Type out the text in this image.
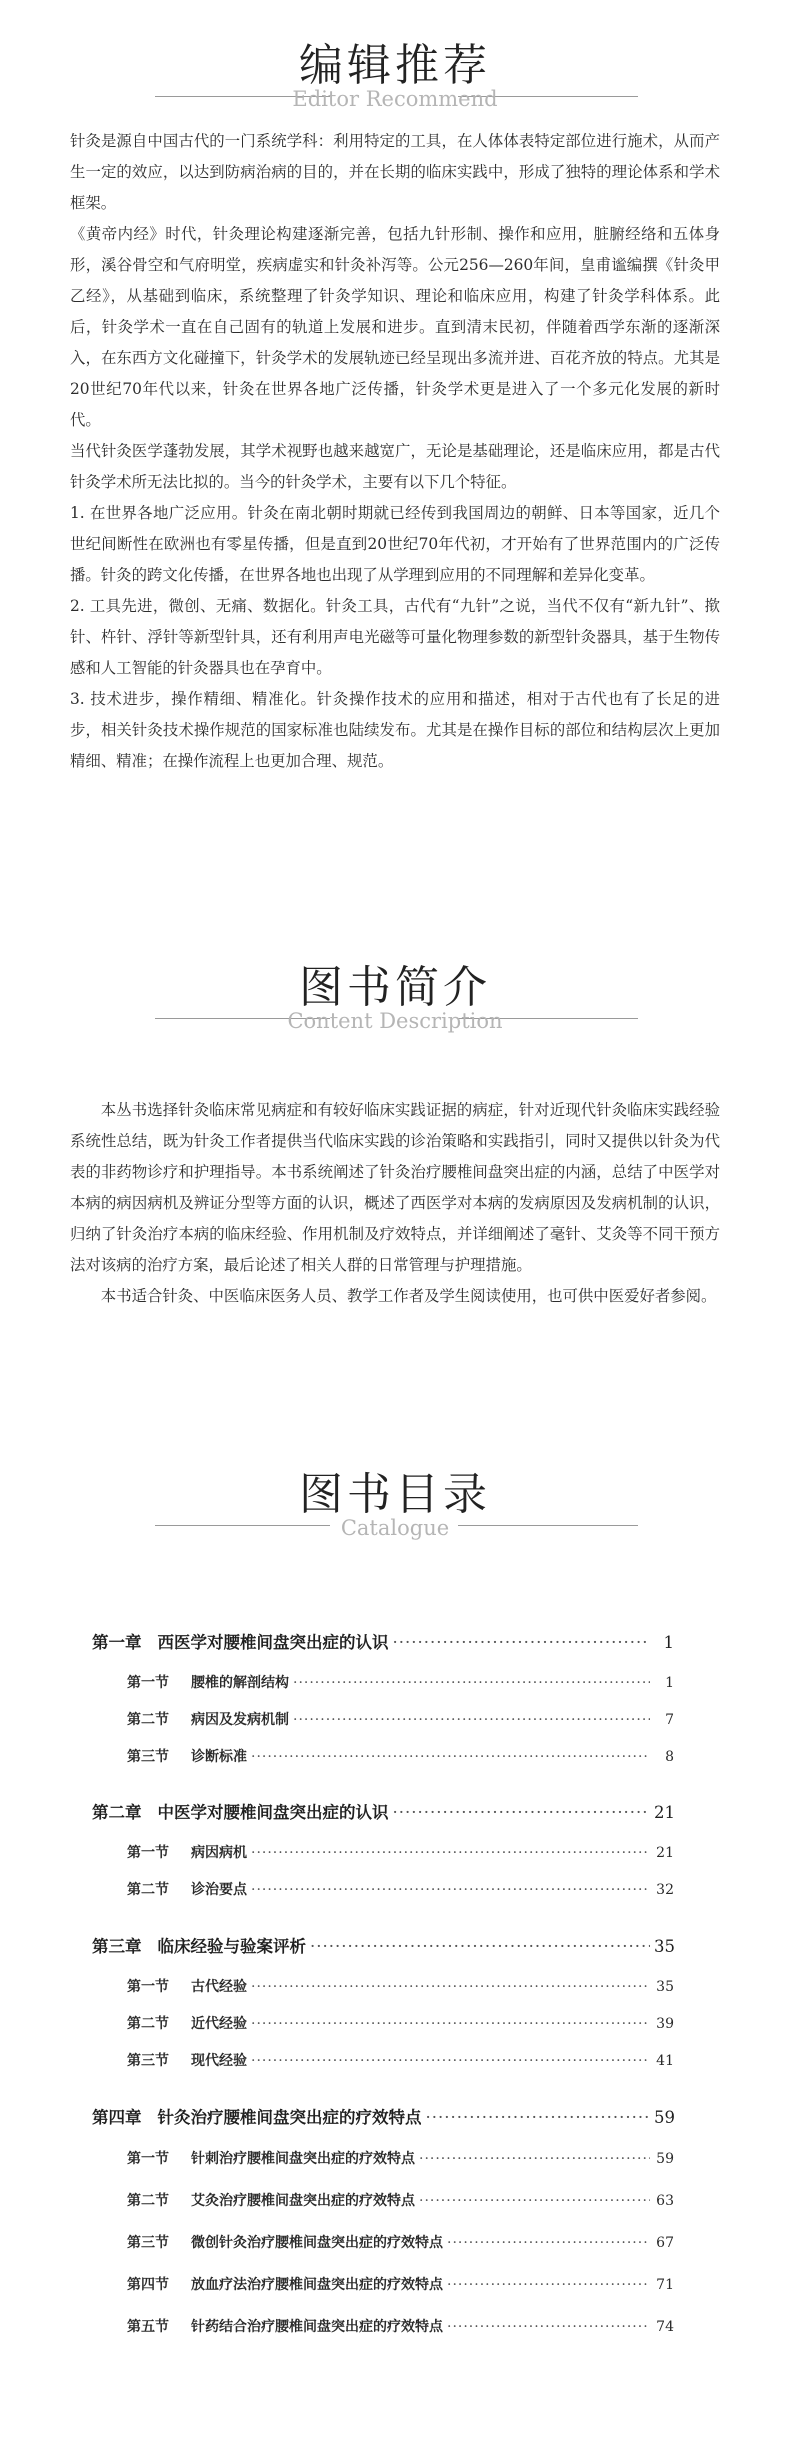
编辑推荐
Editor Recommend

针灸是源自中国古代的一门系统学科：利用特定的工具，在人体体表特定部位进行施术，从而产生一定的效应，以达到防病治病的目的，并在长期的临床实践中，形成了独特的理论体系和学术框架。

《黄帝内经》时代，针灸理论构建逐渐完善，包括九针形制、操作和应用，脏腑经络和五体身形，溪谷骨空和气府明堂，疾病虚实和针灸补泻等。公元256—260年间，皇甫谧编撰《针灸甲乙经》，从基础到临床，系统整理了针灸学知识、理论和临床应用，构建了针灸学科体系。此后，针灸学术一直在自己固有的轨道上发展和进步。直到清末民初，伴随着西学东渐的逐渐深入，在东西方文化碰撞下，针灸学术的发展轨迹已经呈现出多流并进、百花齐放的特点。尤其是20世纪70年代以来，针灸在世界各地广泛传播，针灸学术更是进入了一个多元化发展的新时代。

当代针灸医学蓬勃发展，其学术视野也越来越宽广，无论是基础理论，还是临床应用，都是古代针灸学术所无法比拟的。当今的针灸学术，主要有以下几个特征。

1. 在世界各地广泛应用。针灸在南北朝时期就已经传到我国周边的朝鲜、日本等国家，近几个世纪间断性在欧洲也有零星传播，但是直到20世纪70年代初，才开始有了世界范围内的广泛传播。针灸的跨文化传播，在世界各地也出现了从学理到应用的不同理解和差异化变革。

2. 工具先进，微创、无痛、数据化。针灸工具，古代有“九针”之说，当代不仅有“新九针”、揿针、杵针、浮针等新型针具，还有利用声电光磁等可量化物理参数的新型针灸器具，基于生物传感和人工智能的针灸器具也在孕育中。

3. 技术进步，操作精细、精准化。针灸操作技术的应用和描述，相对于古代也有了长足的进步，相关针灸技术操作规范的国家标准也陆续发布。尤其是在操作目标的部位和结构层次上更加精细、精准；在操作流程上也更加合理、规范。

图书简介
Content Description

本丛书选择针灸临床常见病症和有较好临床实践证据的病症，针对近现代针灸临床实践经验系统性总结，既为针灸工作者提供当代临床实践的诊治策略和实践指引，同时又提供以针灸为代表的非药物诊疗和护理指导。本书系统阐述了针灸治疗腰椎间盘突出症的内涵，总结了中医学对本病的病因病机及辨证分型等方面的认识，概述了西医学对本病的发病原因及发病机制的认识，归纳了针灸治疗本病的临床经验、作用机制及疗效特点，并详细阐述了毫针、艾灸等不同干预方法对该病的治疗方案，最后论述了相关人群的日常管理与护理措施。

本书适合针灸、中医临床医务人员、教学工作者及学生阅读使用，也可供中医爱好者参阅。

图书目录
Catalogue
第一章 西医学对腰椎间盘突出症的认识 ·····	1
第一节 腰椎的解剖结构 ·····	1
第二节 病因及发病机制 ·····	7
第三节 诊断标准 ·····	8
第二章 中医学对腰椎间盘突出症的认识 ·····	21
第一节 病因病机 ·····	21
第二节 诊治要点 ·····	32
第三章 临床经验与验案评析 ·····	35
第一节 古代经验 ·····	35
第二节 近代经验 ·····	39
第三节 现代经验 ·····	41
第四章 针灸治疗腰椎间盘突出症的疗效特点 ·····	59
第一节 针刺治疗腰椎间盘突出症的疗效特点 ·····	59
第二节 艾灸治疗腰椎间盘突出症的疗效特点 ·····	63
第三节 微创针灸治疗腰椎间盘突出症的疗效特点 ·····	67
第四节 放血疗法治疗腰椎间盘突出症的疗效特点 ·····	71
第五节 针药结合治疗腰椎间盘突出症的疗效特点 ·····	74
